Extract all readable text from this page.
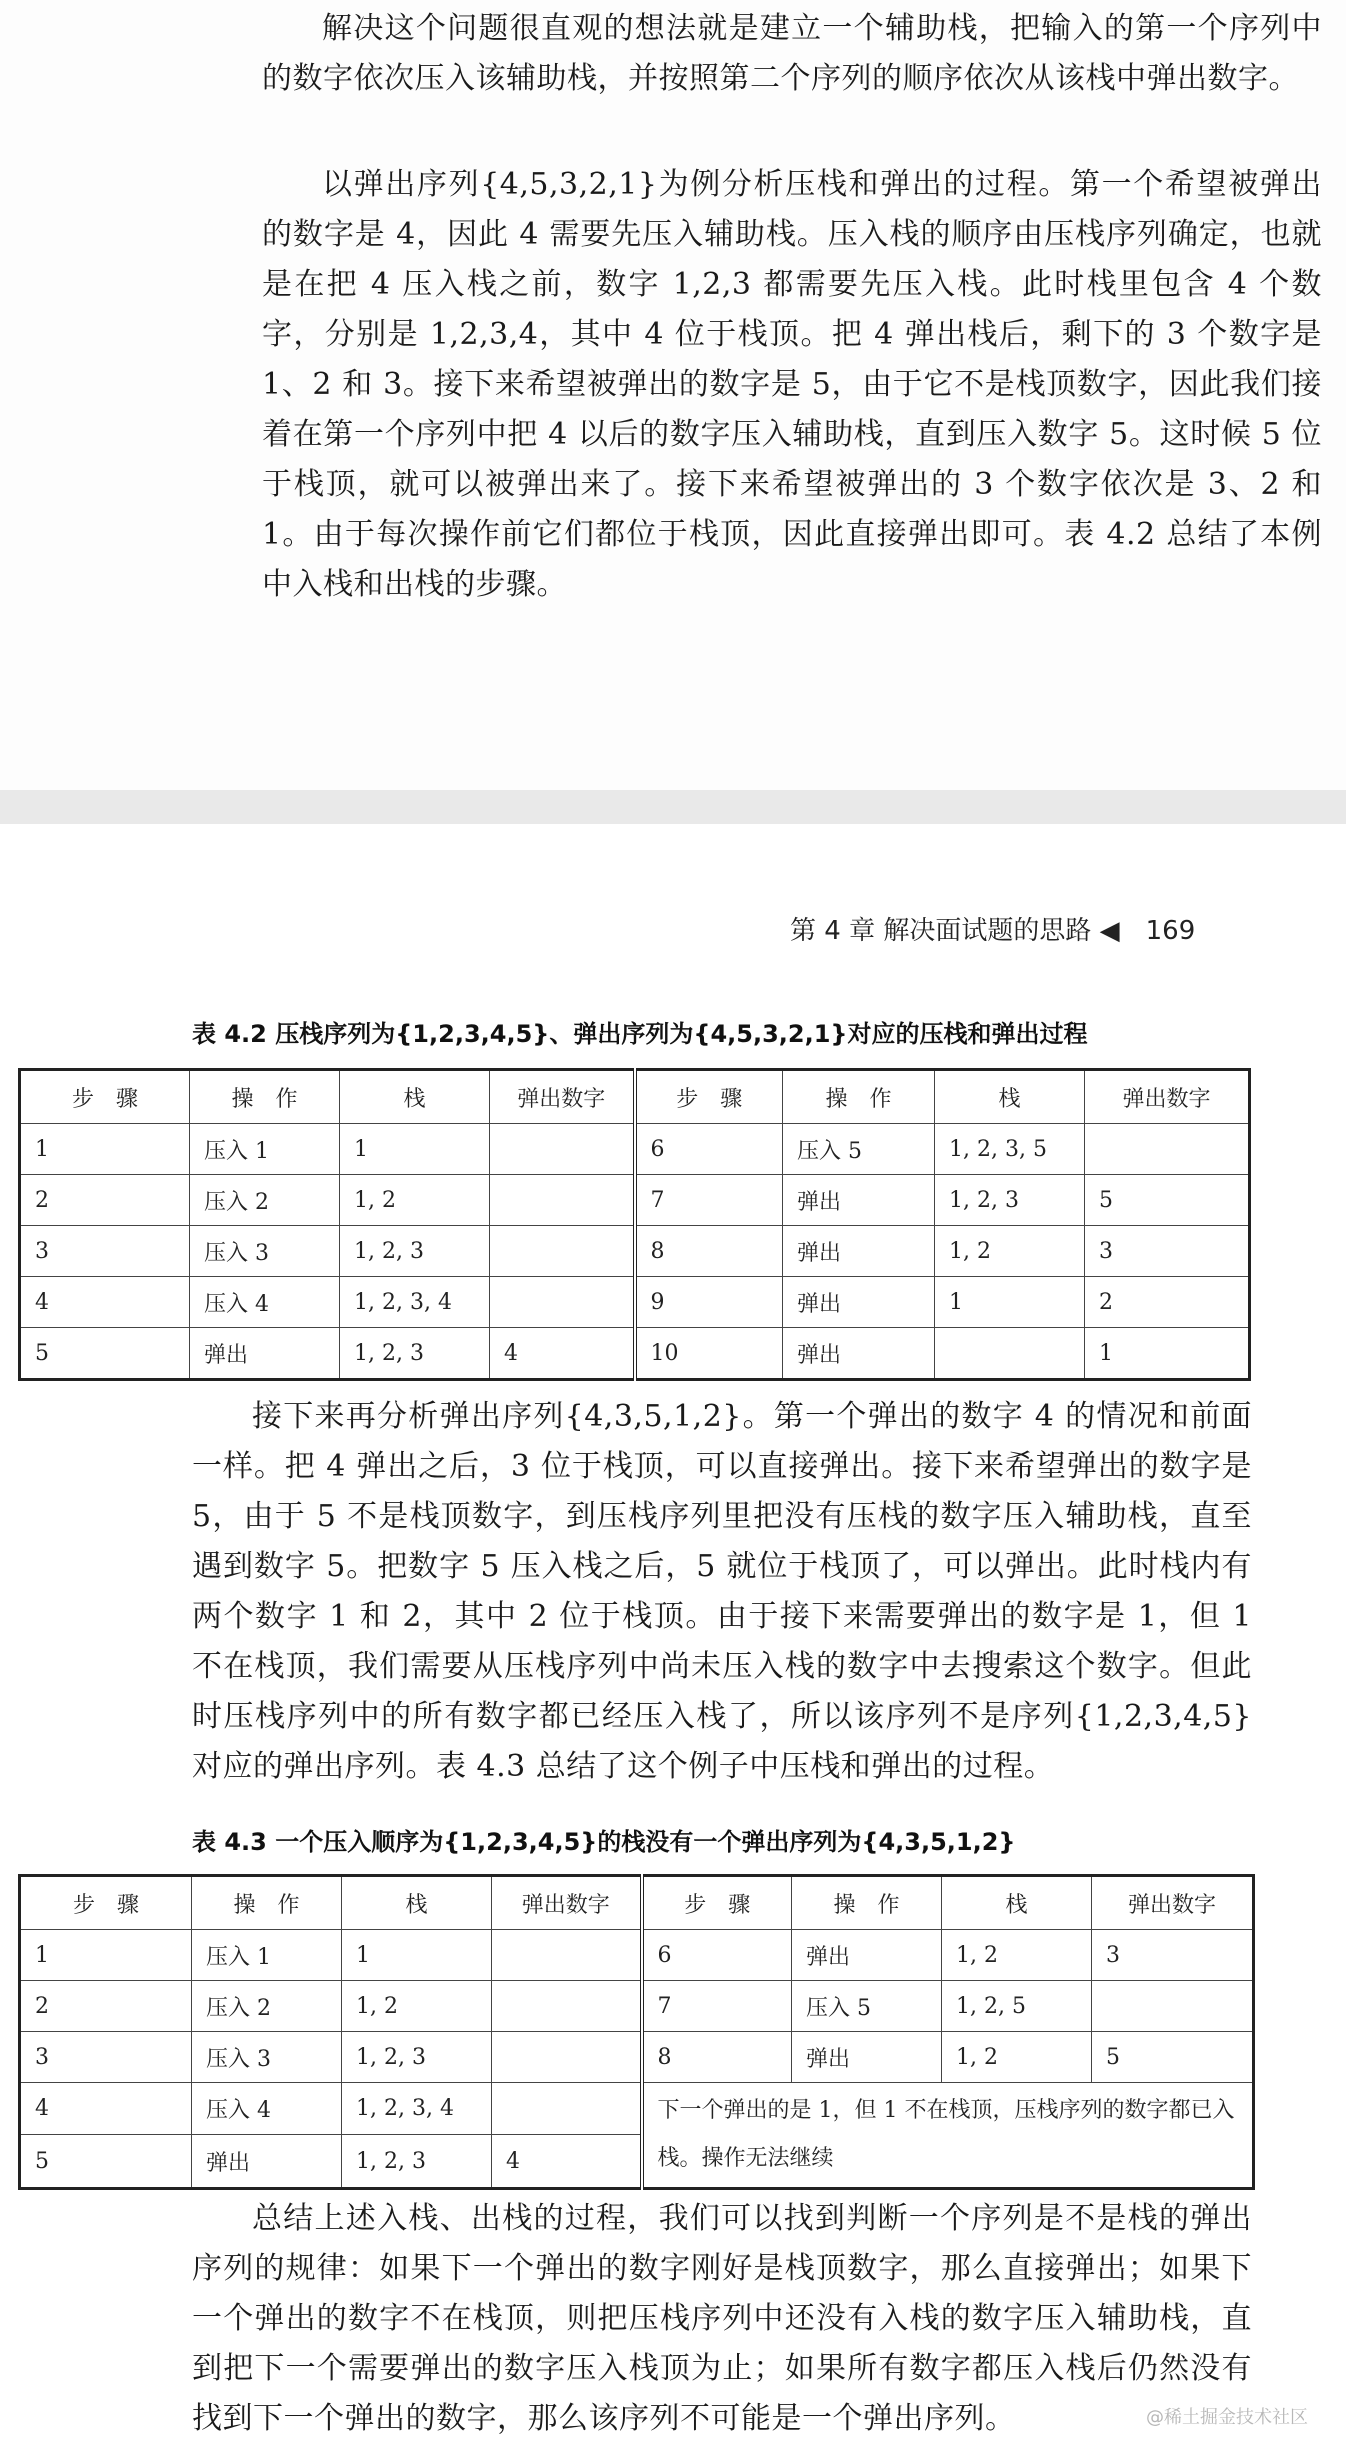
解决这个问题很直观的想法就是建立一个辅助栈，把输入的第一个序列中的数字依次压入该辅助栈，并按照第二个序列的顺序依次从该栈中弹出数字。

以弹出序列{4,5,3,2,1}为例分析压栈和弹出的过程。第一个希望被弹出的数字是 4，因此 4 需要先压入辅助栈。压入栈的顺序由压栈序列确定，也就是在把 4 压入栈之前，数字 1,2,3 都需要先压入栈。此时栈里包含 4 个数字，分别是 1,2,3,4，其中 4 位于栈顶。把 4 弹出栈后，剩下的 3 个数字是 1、2 和 3。接下来希望被弹出的数字是 5，由于它不是栈顶数字，因此我们接着在第一个序列中把 4 以后的数字压入辅助栈，直到压入数字 5。这时候 5 位于栈顶，就可以被弹出来了。接下来希望被弹出的 3 个数字依次是 3、2 和 1。由于每次操作前它们都位于栈顶，因此直接弹出即可。表 4.2 总结了本例中入栈和出栈的步骤。

第 4 章 解决面试题的思路 ◀ 169
表 4.2 压栈序列为{1,2,3,4,5}、弹出序列为{4,5,3,2,1}对应的压栈和弹出过程
步　骤	操　作	栈	弹出数字	步　骤	操　作	栈	弹出数字
1	压入 1	1		6	压入 5	1, 2, 3, 5	
2	压入 2	1, 2		7	弹出	1, 2, 3	5
3	压入 3	1, 2, 3		8	弹出	1, 2	3
4	压入 4	1, 2, 3, 4		9	弹出	1	2
5	弹出	1, 2, 3	4	10	弹出		1

接下来再分析弹出序列{4,3,5,1,2}。第一个弹出的数字 4 的情况和前面一样。把 4 弹出之后，3 位于栈顶，可以直接弹出。接下来希望弹出的数字是 5，由于 5 不是栈顶数字，到压栈序列里把没有压栈的数字压入辅助栈，直至遇到数字 5。把数字 5 压入栈之后，5 就位于栈顶了，可以弹出。此时栈内有两个数字 1 和 2，其中 2 位于栈顶。由于接下来需要弹出的数字是 1，但 1 不在栈顶，我们需要从压栈序列中尚未压入栈的数字中去搜索这个数字。但此时压栈序列中的所有数字都已经压入栈了，所以该序列不是序列{1,2,3,4,5}对应的弹出序列。表 4.3 总结了这个例子中压栈和弹出的过程。

表 4.3 一个压入顺序为{1,2,3,4,5}的栈没有一个弹出序列为{4,3,5,1,2}
步　骤	操　作	栈	弹出数字	步　骤	操　作	栈	弹出数字
1	压入 1	1		6	弹出	1, 2	3
2	压入 2	1, 2		7	压入 5	1, 2, 5	
3	压入 3	1, 2, 3		8	弹出	1, 2	5
4	压入 4	1, 2, 3, 4		下一个弹出的是 1，但 1 不在栈顶，压栈序列的数字都已入栈。操作无法继续			
5	弹出	1, 2, 3	4				

总结上述入栈、出栈的过程，我们可以找到判断一个序列是不是栈的弹出序列的规律：如果下一个弹出的数字刚好是栈顶数字，那么直接弹出；如果下一个弹出的数字不在栈顶，则把压栈序列中还没有入栈的数字压入辅助栈，直到把下一个需要弹出的数字压入栈顶为止；如果所有数字都压入栈后仍然没有找到下一个弹出的数字，那么该序列不可能是一个弹出序列。	@稀土掘金技术社区
